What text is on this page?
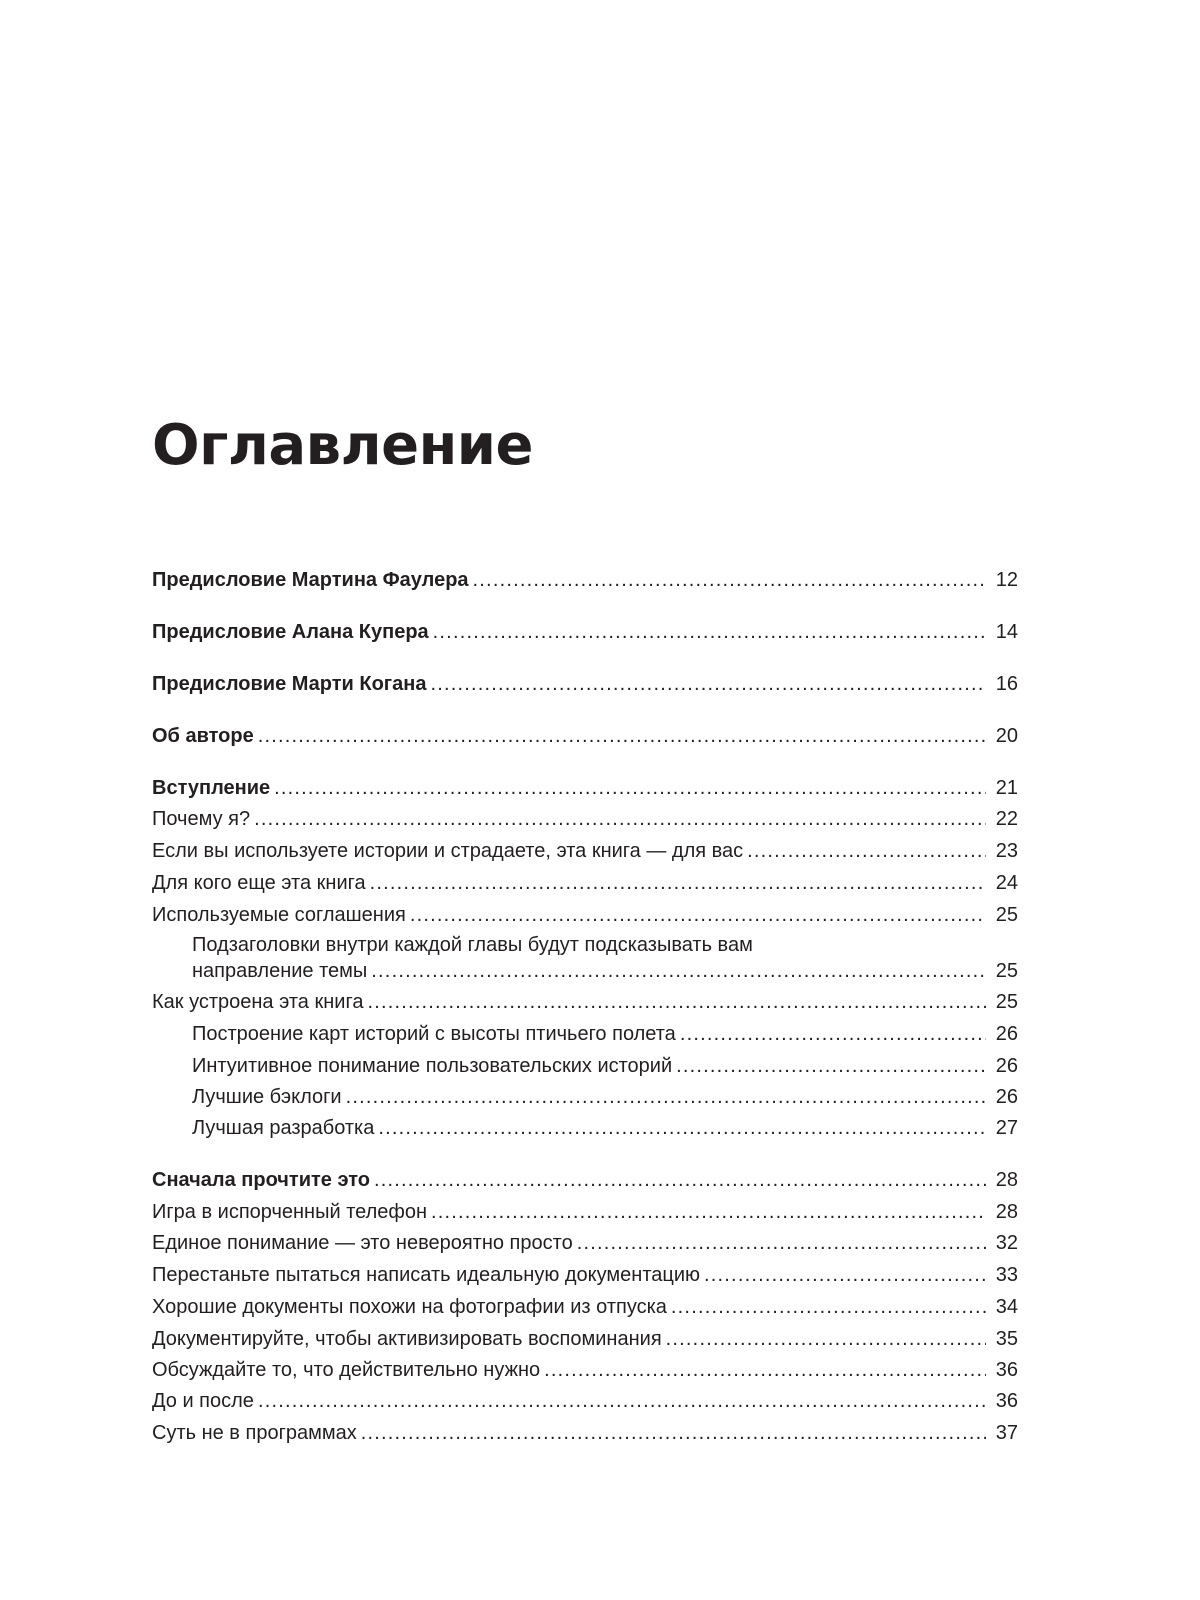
Оглавление
Предисловие Мартина Фаулера .....	12
Предисловие Алана Купера .....	14
Предисловие Марти Когана .....	16
Об авторе .....	20
Вступление .....	21
Почему я? .....	22
Если вы используете истории и страдаете, эта книга — для вас .....	23
Для кого еще эта книга .....	24
Используемые соглашения .....	25
Подзаголовки внутри каждой главы будут подсказывать вам
направление темы .....	25
Как устроена эта книга .....	25
Построение карт историй с высоты птичьего полета .....	26
Интуитивное понимание пользовательских историй .....	26
Лучшие бэклоги .....	26
Лучшая разработка .....	27
Сначала прочтите это .....	28
Игра в испорченный телефон .....	28
Единое понимание — это невероятно просто .....	32
Перестаньте пытаться написать идеальную документацию .....	33
Хорошие документы похожи на фотографии из отпуска .....	34
Документируйте, чтобы активизировать воспоминания .....	35
Обсуждайте то, что действительно нужно .....	36
До и после .....	36
Суть не в программах .....	37
